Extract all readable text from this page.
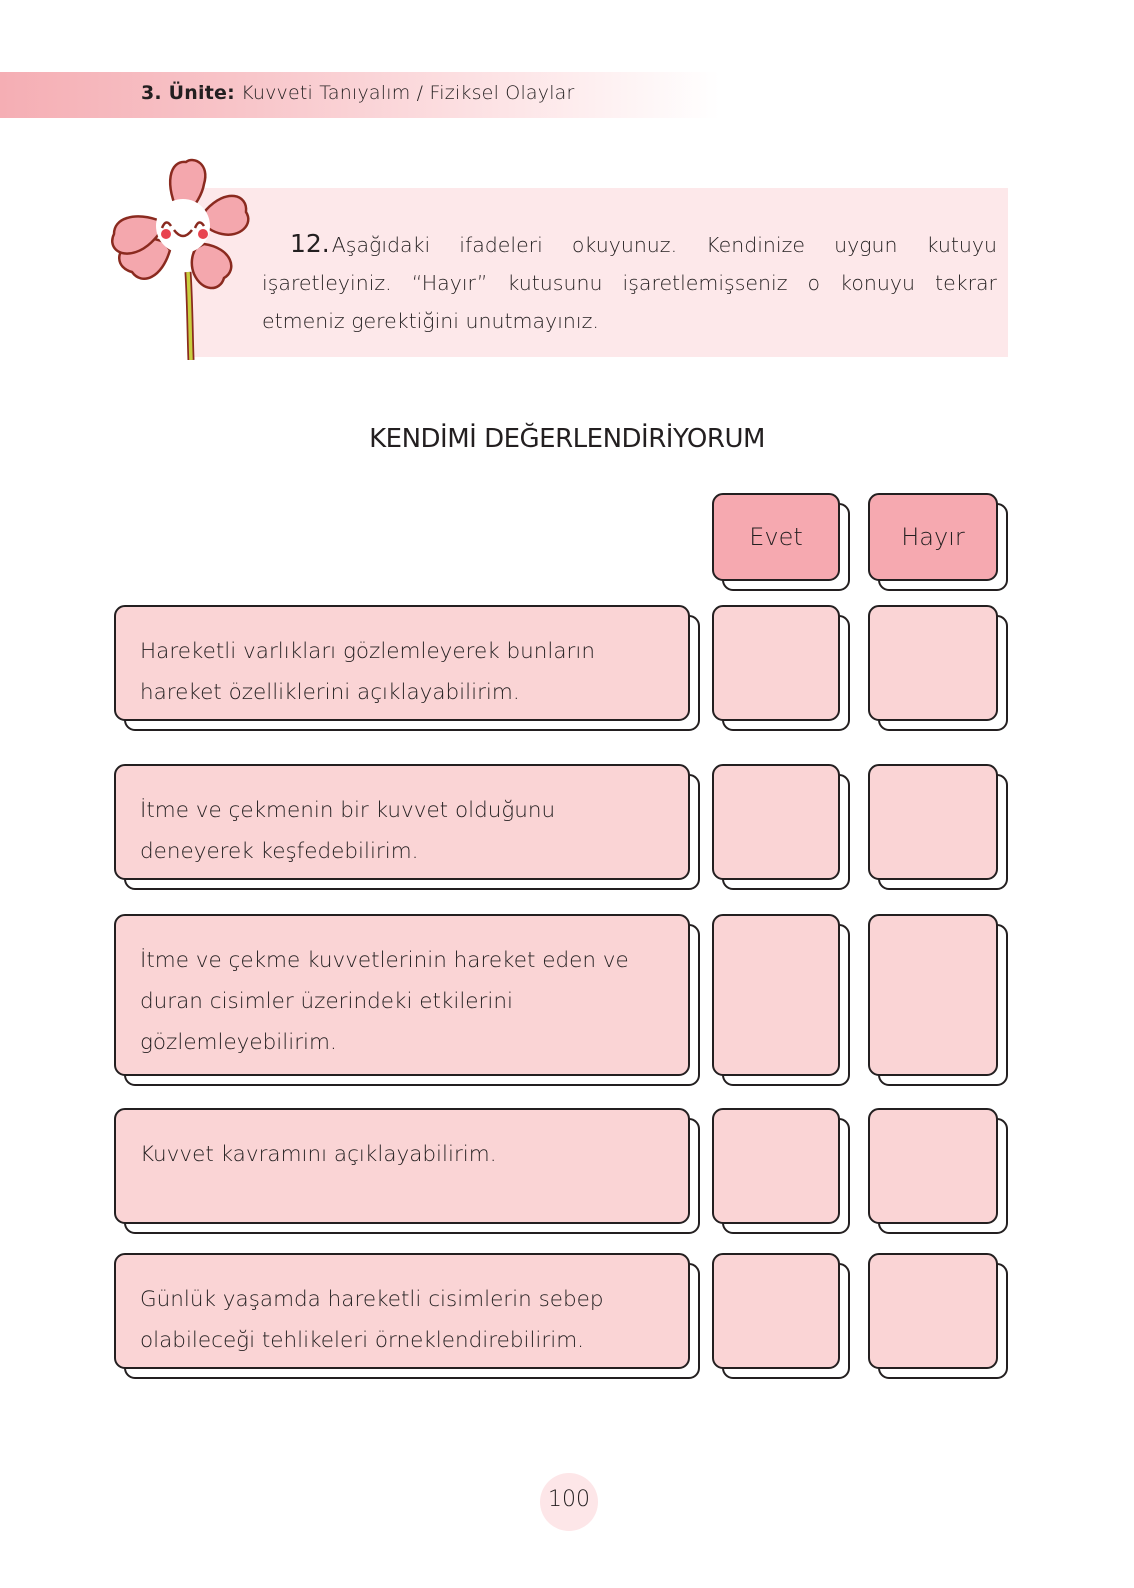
3. Ünite: Kuvveti Tanıyalım / Fiziksel Olaylar
12.Aşağıdaki ifadeleri okuyunuz. Kendinize uygun kutuyu işaretleyiniz. “Hayır” kutusunu işaretlemişseniz o konuyu tekrar etmeniz gerektiğini unutmayınız.
KENDİMİ DEĞERLENDİRİYORUM
Evet	Hayır
Hareketli varlıkları gözlemleyerek bunların hareket özelliklerini açıklayabilirim.
İtme ve çekmenin bir kuvvet olduğunu deneyerek keşfedebilirim.
İtme ve çekme kuvvetlerinin hareket eden ve duran cisimler üzerindeki etkilerini gözlemleyebilirim.
Kuvvet kavramını açıklayabilirim.
Günlük yaşamda hareketli cisimlerin sebep olabileceği tehlikeleri örneklendirebilirim.
100
